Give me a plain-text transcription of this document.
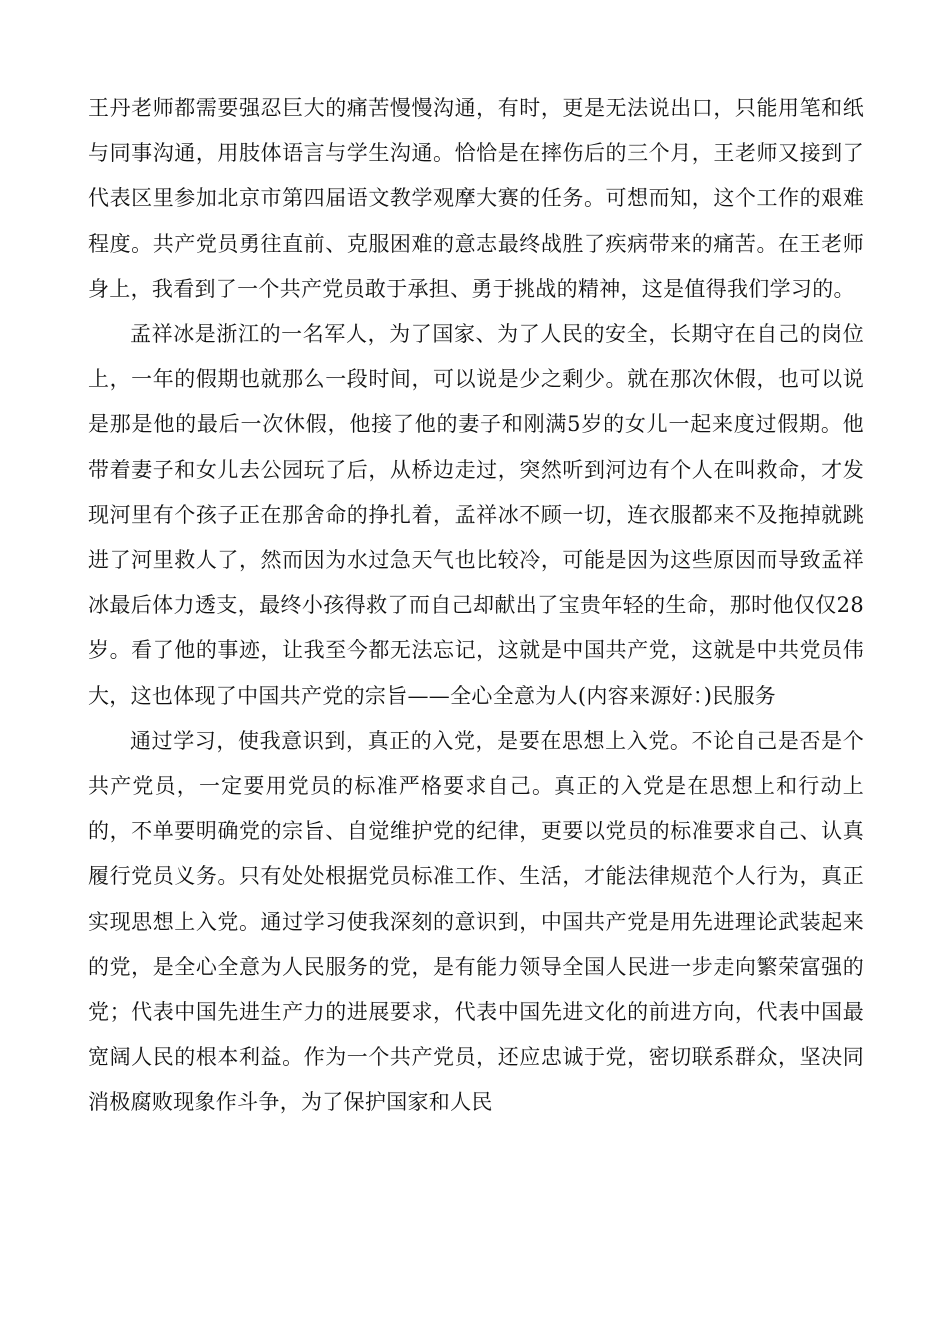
王丹老师都需要强忍巨大的痛苦慢慢沟通，有时，更是无法说出口，只能用笔和纸与同事沟通，用肢体语言与学生沟通。恰恰是在摔伤后的三个月，王老师又接到了代表区里参加北京市第四届语文教学观摩大赛的任务。可想而知，这个工作的艰难程度。共产党员勇往直前、克服困难的意志最终战胜了疾病带来的痛苦。在王老师身上，我看到了一个共产党员敢于承担、勇于挑战的精神，这是值得我们学习的。

孟祥冰是浙江的一名军人，为了国家、为了人民的安全，长期守在自己的岗位上，一年的假期也就那么一段时间，可以说是少之剩少。就在那次休假，也可以说是那是他的最后一次休假，他接了他的妻子和刚满5岁的女儿一起来度过假期。他带着妻子和女儿去公园玩了后，从桥边走过，突然听到河边有个人在叫救命，才发现河里有个孩子正在那舍命的挣扎着，孟祥冰不顾一切，连衣服都来不及拖掉就跳进了河里救人了，然而因为水过急天气也比较冷，可能是因为这些原因而导致孟祥冰最后体力透支，最终小孩得救了而自己却献出了宝贵年轻的生命，那时他仅仅28岁。看了他的事迹，让我至今都无法忘记，这就是中国共产党，这就是中共党员伟大，这也体现了中国共产党的宗旨——全心全意为人(内容来源好：)民服务

通过学习，使我意识到，真正的入党，是要在思想上入党。不论自己是否是个共产党员，一定要用党员的标准严格要求自己。真正的入党是在思想上和行动上的，不单要明确党的宗旨、自觉维护党的纪律，更要以党员的标准要求自己、认真履行党员义务。只有处处根据党员标准工作、生活，才能法律规范个人行为，真正实现思想上入党。通过学习使我深刻的意识到，中国共产党是用先进理论武装起来的党，是全心全意为人民服务的党，是有能力领导全国人民进一步走向繁荣富强的党；代表中国先进生产力的进展要求，代表中国先进文化的前进方向，代表中国最宽阔人民的根本利益。作为一个共产党员，还应忠诚于党，密切联系群众，坚决同消极腐败现象作斗争，为了保护国家和人民
